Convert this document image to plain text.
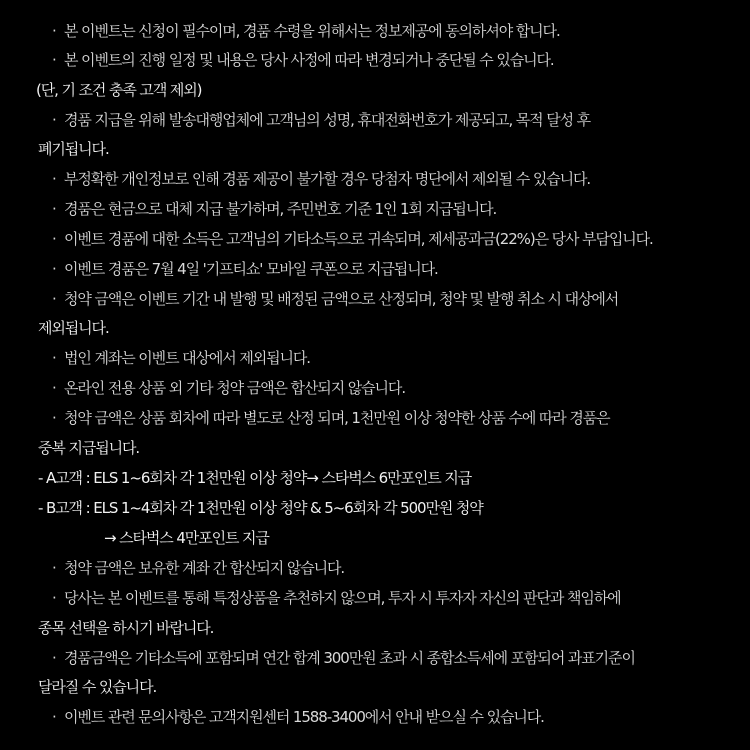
· 본 이벤트는 신청이 필수이며, 경품 수령을 위해서는 정보제공에 동의하셔야 합니다.
· 본 이벤트의 진행 일정 및 내용은 당사 사정에 따라 변경되거나 중단될 수 있습니다.
(단, 기 조건 충족 고객 제외)
· 경품 지급을 위해 발송대행업체에 고객님의 성명, 휴대전화번호가 제공되고, 목적 달성 후
폐기됩니다.
· 부정확한 개인정보로 인해 경품 제공이 불가할 경우 당첨자 명단에서 제외될 수 있습니다.
· 경품은 현금으로 대체 지급 불가하며, 주민번호 기준 1인 1회 지급됩니다.
· 이벤트 경품에 대한 소득은 고객님의 기타소득으로 귀속되며, 제세공과금(22%)은 당사 부담입니다.
· 이벤트 경품은 7월 4일 '기프티쇼' 모바일 쿠폰으로 지급됩니다.
· 청약 금액은 이벤트 기간 내 발행 및 배정된 금액으로 산정되며, 청약 및 발행 취소 시 대상에서
제외됩니다.
· 법인 계좌는 이벤트 대상에서 제외됩니다.
· 온라인 전용 상품 외 기타 청약 금액은 합산되지 않습니다.
· 청약 금액은 상품 회차에 따라 별도로 산정 되며, 1천만원 이상 청약한 상품 수에 따라 경품은
중복 지급됩니다.
- A고객 : ELS 1~6회차 각 1천만원 이상 청약→ 스타벅스 6만포인트 지급
- B고객 : ELS 1~4회차 각 1천만원 이상 청약 & 5~6회차 각 500만원 청약
→ 스타벅스 4만포인트 지급
· 청약 금액은 보유한 계좌 간 합산되지 않습니다.
· 당사는 본 이벤트를 통해 특정상품을 추천하지 않으며, 투자 시 투자자 자신의 판단과 책임하에
종목 선택을 하시기 바랍니다.
· 경품금액은 기타소득에 포함되며 연간 합계 300만원 초과 시 종합소득세에 포함되어 과표기준이
달라질 수 있습니다.
· 이벤트 관련 문의사항은 고객지원센터 1588-3400에서 안내 받으실 수 있습니다.
